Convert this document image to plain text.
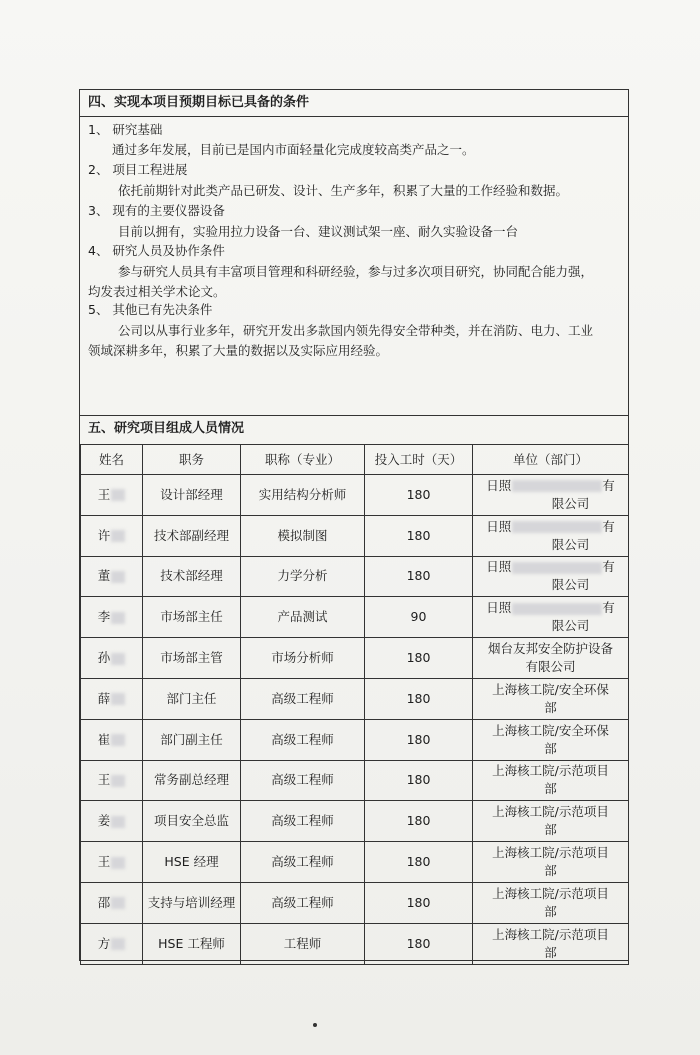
四、实现本项目预期目标已具备的条件
1、 研究基础
通过多年发展，目前已是国内市面轻量化完成度较高类产品之一。
2、 项目工程进展
依托前期针对此类产品已研发、设计、生产多年，积累了大量的工作经验和数据。
3、 现有的主要仪器设备
目前以拥有，实验用拉力设备一台、建议测试架一座、耐久实验设备一台
4、 研究人员及协作条件
参与研究人员具有丰富项目管理和科研经验，参与过多次项目研究，协同配合能力强，
均发表过相关学术论文。
5、 其他已有先决条件
公司以从事行业多年，研究开发出多款国内领先得安全带种类，并在消防、电力、工业
领域深耕多年，积累了大量的数据以及实际应用经验。
五、研究项目组成人员情况
姓名	职务	职称（专业）	投入工时（天）	单位（部门）
王	设计部经理	实用结构分析师	180	日照 有
限公司
许	技术部副经理	模拟制图	180	日照 有
限公司
董	技术部经理	力学分析	180	日照 有
限公司
李	市场部主任	产品测试	90	日照 有
限公司
孙	市场部主管	市场分析师	180	烟台友邦安全防护设备
有限公司
薛	部门主任	高级工程师	180	上海核工院/安全环保
部
崔	部门副主任	高级工程师	180	上海核工院/安全环保
部
王	常务副总经理	高级工程师	180	上海核工院/示范项目
部
姜	项目安全总监	高级工程师	180	上海核工院/示范项目
部
王	HSE 经理	高级工程师	180	上海核工院/示范项目
部
邵	支持与培训经理	高级工程师	180	上海核工院/示范项目
部
方	HSE 工程师	工程师	180	上海核工院/示范项目
部
